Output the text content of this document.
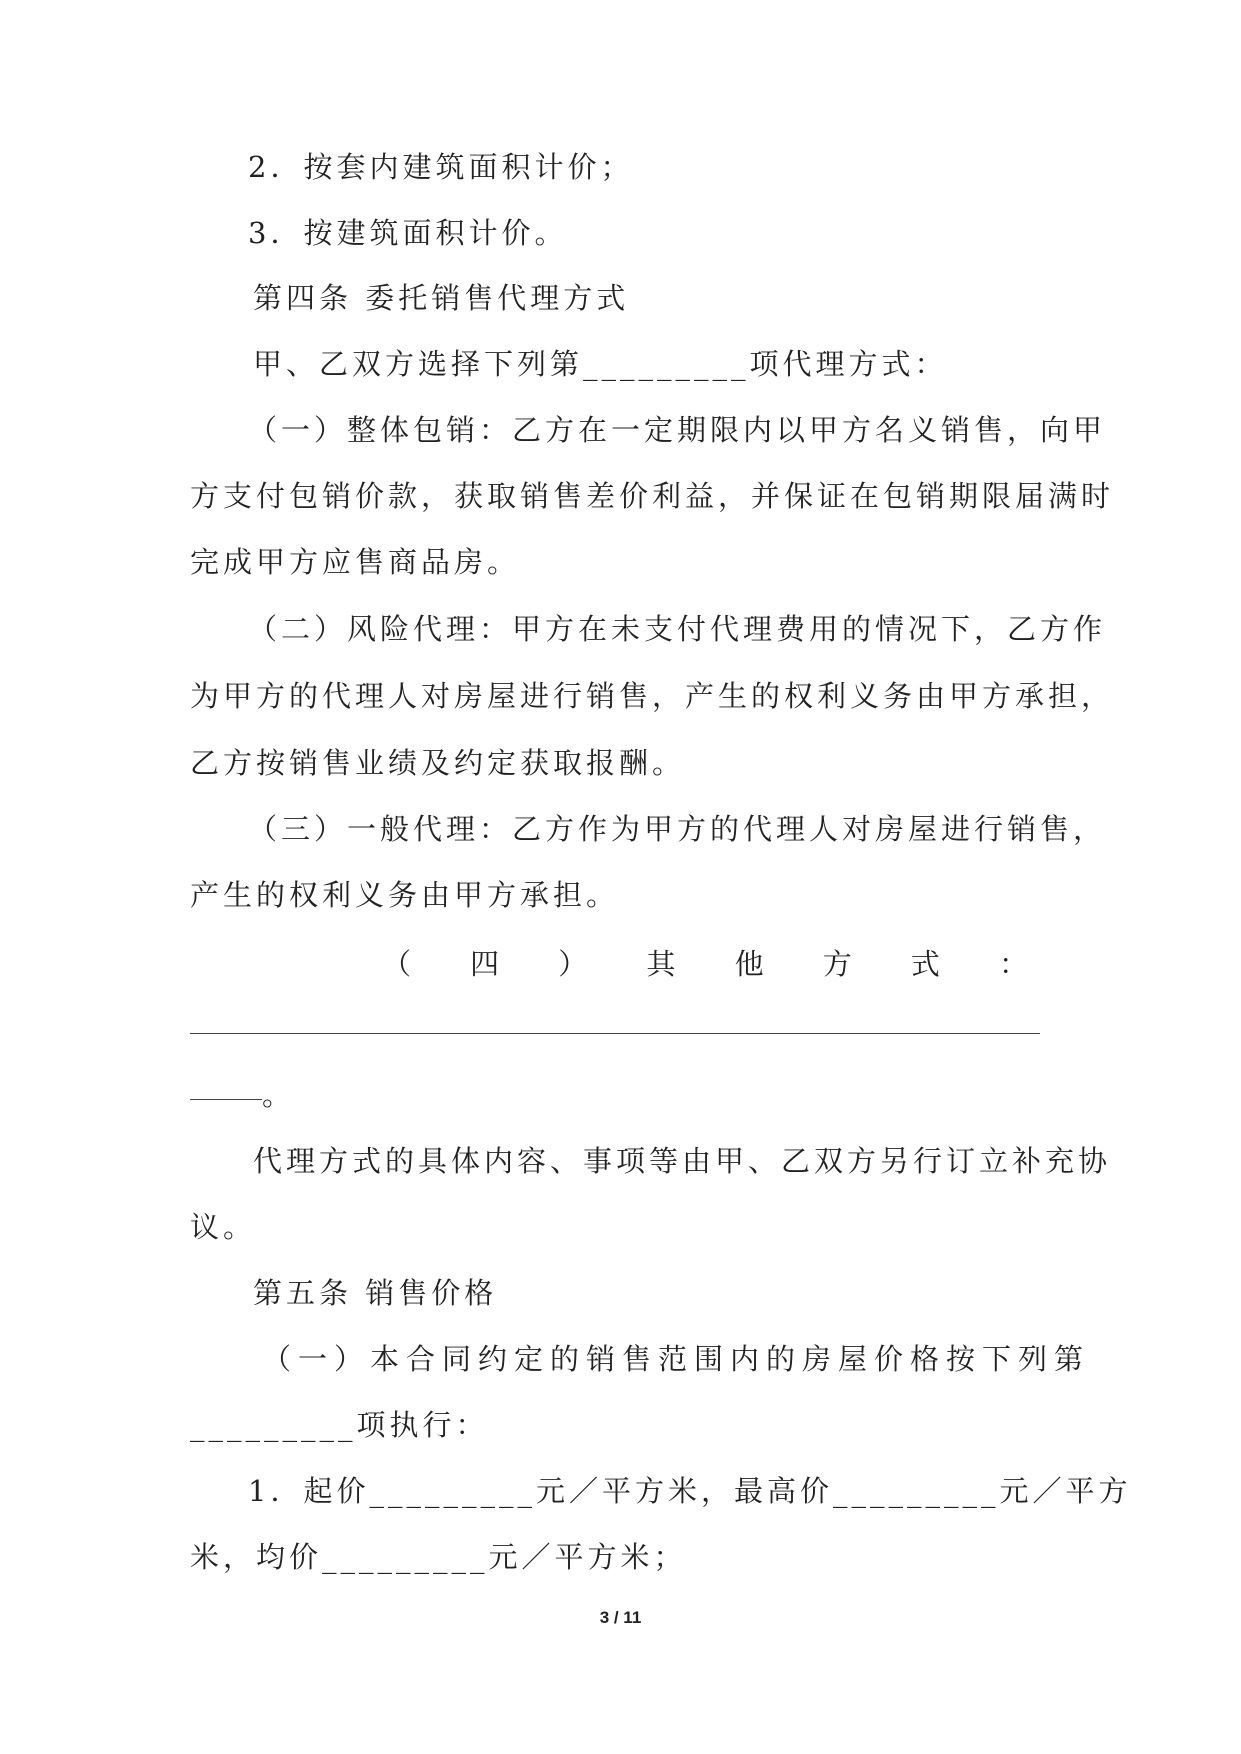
2．按套内建筑面积计价；
3．按建筑面积计价。
第四条 委托销售代理方式
甲、乙双方选择下列第_________项代理方式：
（一）整体包销：乙方在一定期限内以甲方名义销售，向甲
方支付包销价款，获取销售差价利益，并保证在包销期限届满时
完成甲方应售商品房。
（二）风险代理：甲方在未支付代理费用的情况下，乙方作
为甲方的代理人对房屋进行销售，产生的权利义务由甲方承担，
乙方按销售业绩及约定获取报酬。
（三）一般代理：乙方作为甲方的代理人对房屋进行销售，
产生的权利义务由甲方承担。
（	四	）	其	他	方	式	：
。
代理方式的具体内容、事项等由甲、乙双方另行订立补充协
议。
第五条 销售价格
（一）本合同约定的销售范围内的房屋价格按下列第
_________项执行：
1．起价_________元／平方米，最高价_________元／平方
米，均价_________元／平方米；
3 / 11
